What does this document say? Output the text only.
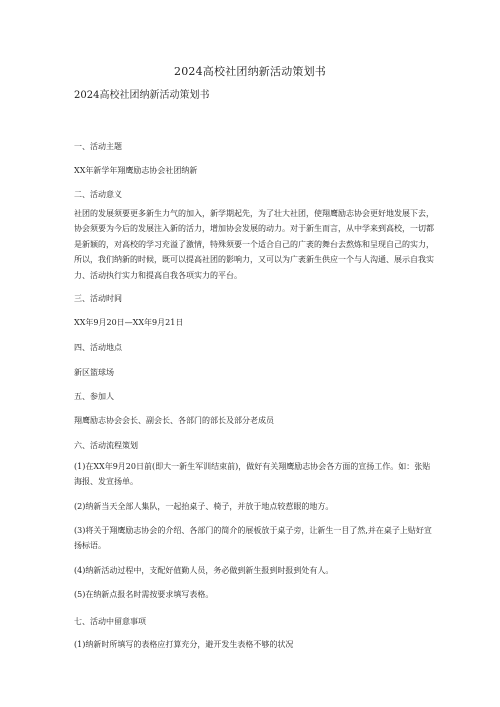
2024高校社团纳新活动策划书
2024高校社团纳新活动策划书
一、活动主题
XX年新学年翔鹰励志协会社团纳新
二、活动意义
社团的发展须要更多新生力气的加入，新学期起先，为了壮大社团，使翔鹰励志协会更好地发展下去，协会须要为今后的发展注入新的活力，增加协会发展的动力。对于新生而言，从中学来到高校，一切都是新颖的，对高校的学习充溢了激情，特殊须要一个适合自己的广袤的舞台去熬炼和呈现自己的实力，所以，我们纳新的时候，既可以提高社团的影响力，又可以为广袤新生供应一个与人沟通、展示自我实力、活动执行实力和提高自我各项实力的平台。
三、活动时间
XX年9月20日—XX年9月21日
四、活动地点
新区篮球场
五、参加人
翔鹰励志协会会长、副会长、各部门的部长及部分老成员
六、活动流程策划
(1)在XX年9月20日前(即大一新生军训结束前)，做好有关翔鹰励志协会各方面的宣扬工作。如：张贴海报、发宣扬单。
(2)纳新当天全部人集队，一起抬桌子、椅子，并放于地点较惹眼的地方。
(3)将关于翔鹰励志协会的介绍、各部门的简介的展板放于桌子旁，让新生一目了然,并在桌子上贴好宣扬标语。
(4)纳新活动过程中，支配好值勤人员，务必做到新生报到时报到处有人。
(5)在纳新点报名时需按要求填写表格。
七、活动中留意事项
(1)纳新时所填写的表格应打算充分，避开发生表格不够的状况
